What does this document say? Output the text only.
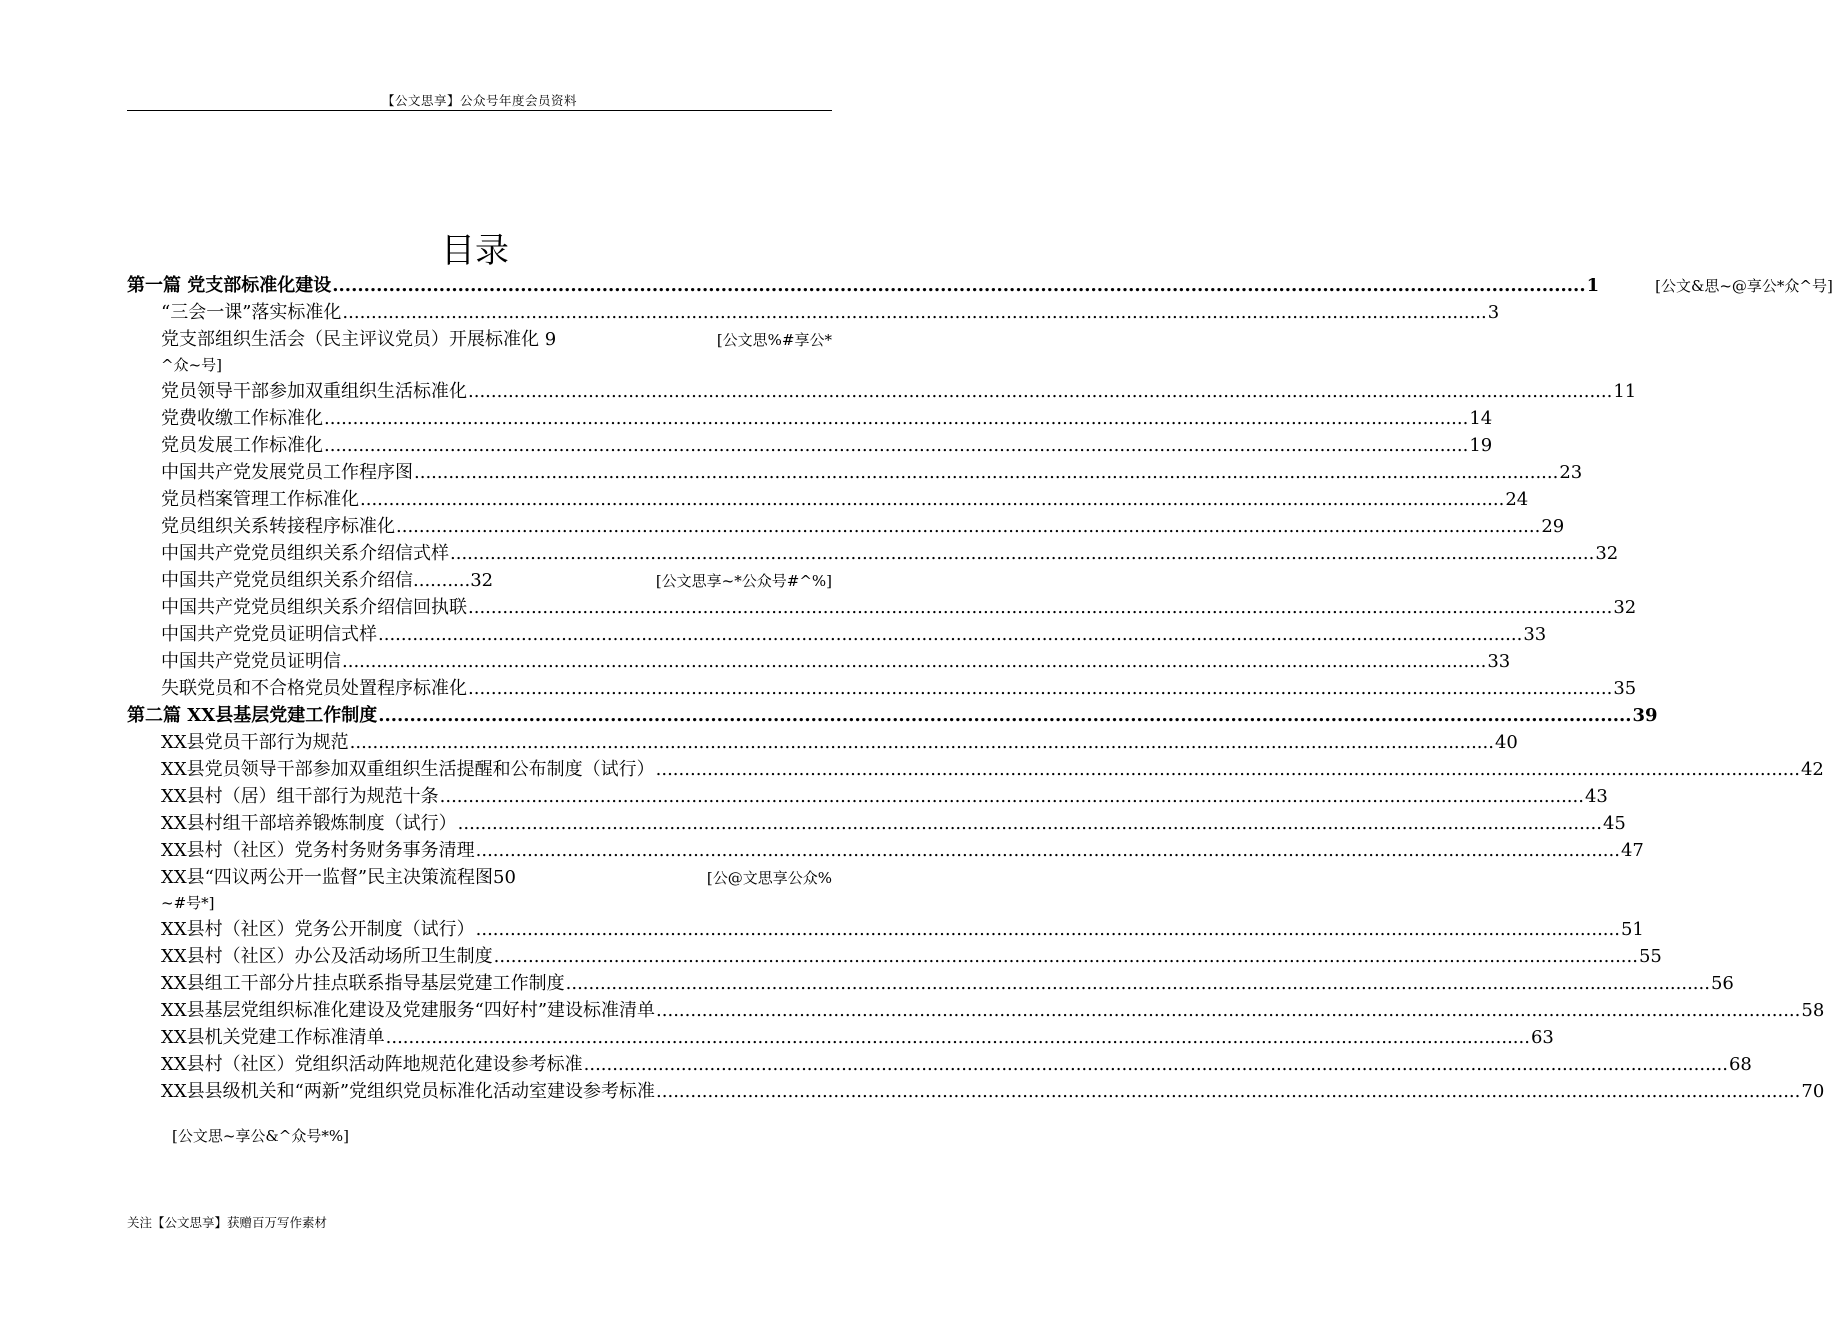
【公文思享】公众号年度会员资料
目录
第一篇 党支部标准化建设 ........................................................................................................................................................................................................ 1	[公文&思~@享公*众^号]
“三会一课”落实标准化 ........................................................................................................................................................................................................ 3
党支部组织生活会（民主评议党员）开展标准化 9	[公文思%#享公*
^众~号]
党员领导干部参加双重组织生活标准化 ........................................................................................................................................................................................................ 11
党费收缴工作标准化 ........................................................................................................................................................................................................ 14
党员发展工作标准化 ........................................................................................................................................................................................................ 19
中国共产党发展党员工作程序图 ........................................................................................................................................................................................................ 23
党员档案管理工作标准化 ........................................................................................................................................................................................................ 24
党员组织关系转接程序标准化 ........................................................................................................................................................................................................ 29
中国共产党党员组织关系介绍信式样 ........................................................................................................................................................................................................ 32
中国共产党党员组织关系介绍信..........32	[公文思享~*公众号#^%]
中国共产党党员组织关系介绍信回执联 ........................................................................................................................................................................................................ 32
中国共产党党员证明信式样 ........................................................................................................................................................................................................ 33
中国共产党党员证明信 ........................................................................................................................................................................................................ 33
失联党员和不合格党员处置程序标准化 ........................................................................................................................................................................................................ 35
第二篇 XX县基层党建工作制度 ........................................................................................................................................................................................................ 39
XX县党员干部行为规范 ........................................................................................................................................................................................................ 40
XX县党员领导干部参加双重组织生活提醒和公布制度（试行） ........................................................................................................................................................................................................ 42
XX县村（居）组干部行为规范十条 ........................................................................................................................................................................................................ 43
XX县村组干部培养锻炼制度（试行） ........................................................................................................................................................................................................ 45
XX县村（社区）党务村务财务事务清理 ........................................................................................................................................................................................................ 47
XX县“四议两公开一监督”民主决策流程图50	[公@文思享公众%
~#号*]
XX县村（社区）党务公开制度（试行） ........................................................................................................................................................................................................ 51
XX县村（社区）办公及活动场所卫生制度 ........................................................................................................................................................................................................ 55
XX县组工干部分片挂点联系指导基层党建工作制度 ........................................................................................................................................................................................................ 56
XX县基层党组织标准化建设及党建服务“四好村”建设标准清单 ........................................................................................................................................................................................................ 58
XX县机关党建工作标准清单 ........................................................................................................................................................................................................ 63
XX县村（社区）党组织活动阵地规范化建设参考标准 ........................................................................................................................................................................................................ 68
XX县县级机关和“两新”党组织党员标准化活动室建设参考标准 ........................................................................................................................................................................................................ 70
[公文思~享公&^众号*%]
关注【公文思享】获赠百万写作素材
